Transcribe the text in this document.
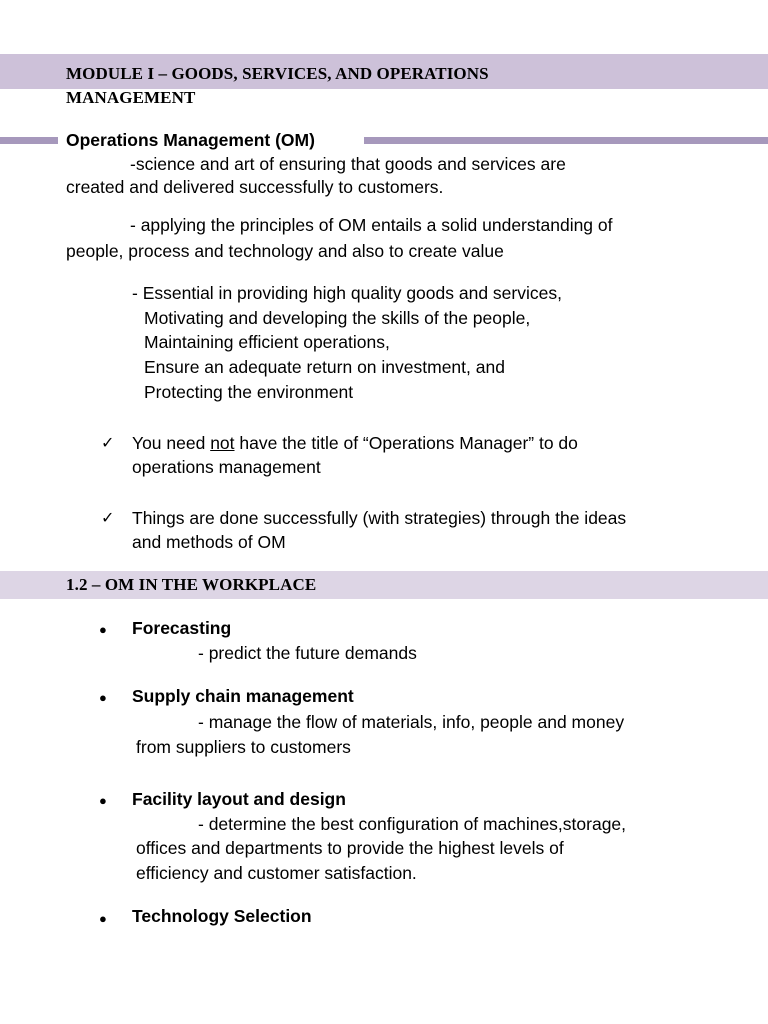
MODULE I – GOODS, SERVICES, AND OPERATIONS
MANAGEMENT
Operations Management (OM)
-science and art of ensuring that goods and services are
created and delivered successfully to customers.
- applying the principles of OM entails a solid understanding of
people, process and technology and also to create value
- Essential in providing high quality goods and services,
Motivating and developing the skills of the people,
Maintaining efficient operations,
Ensure an adequate return on investment, and
Protecting the environment
✓ You need not have the title of “Operations Manager” to do
operations management
✓ Things are done successfully (with strategies) through the ideas
and methods of OM
1.2 – OM IN THE WORKPLACE
● Forecasting
- predict the future demands
● Supply chain management
- manage the flow of materials, info, people and money
from suppliers to customers
● Facility layout and design
- determine the best configuration of machines,storage,
offices and departments to provide the highest levels of
efficiency and customer satisfaction.
● Technology Selection
